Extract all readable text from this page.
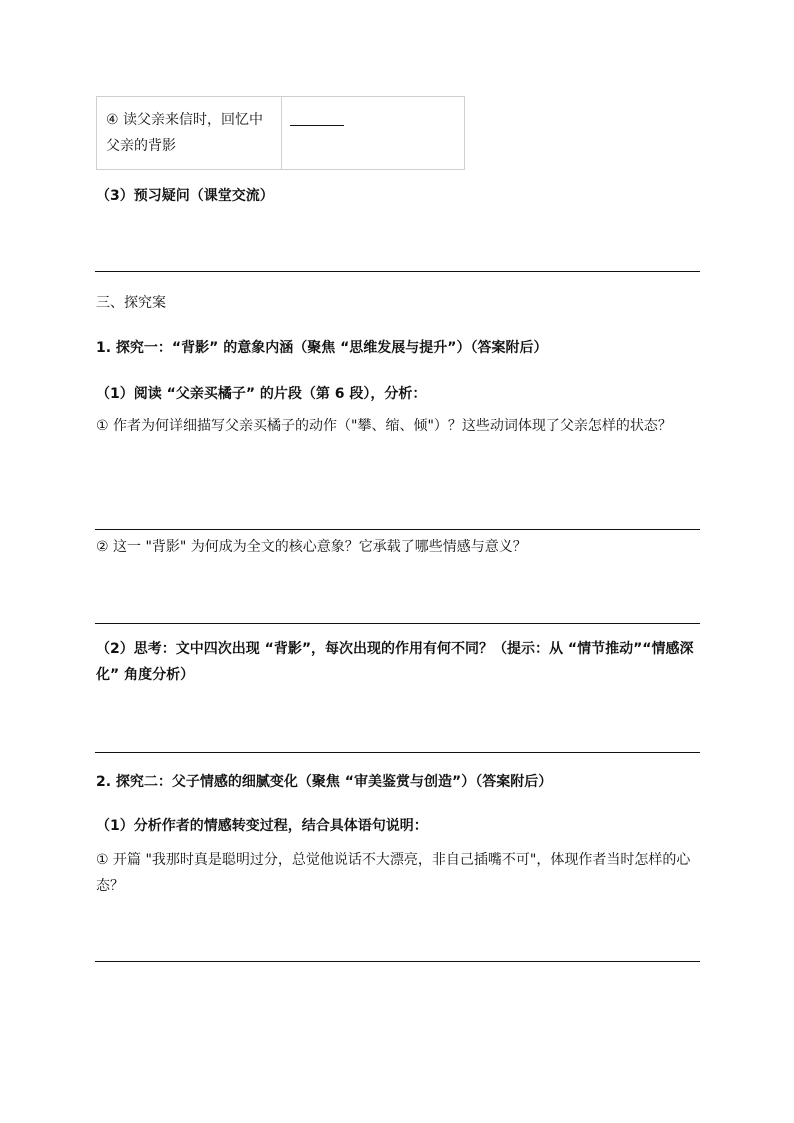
④ 读父亲来信时，回忆中父亲的背影

（3）预习疑问（课堂交流）
三、探究案
1. 探究一：“背影” 的意象内涵（聚焦 “思维发展与提升”）（答案附后）
（1）阅读 “父亲买橘子” 的片段（第 6 段），分析：
① 作者为何详细描写父亲买橘子的动作（"攀、缩、倾"）？这些动词体现了父亲怎样的状态？
② 这一 "背影" 为何成为全文的核心意象？它承载了哪些情感与意义？
（2）思考：文中四次出现 “背影”，每次出现的作用有何不同？（提示：从 “情节推动”“情感深化” 角度分析）
2. 探究二：父子情感的细腻变化（聚焦 “审美鉴赏与创造”）（答案附后）
（1）分析作者的情感转变过程，结合具体语句说明：
① 开篇 "我那时真是聪明过分，总觉他说话不大漂亮，非自己插嘴不可"，体现作者当时怎样的心态？
